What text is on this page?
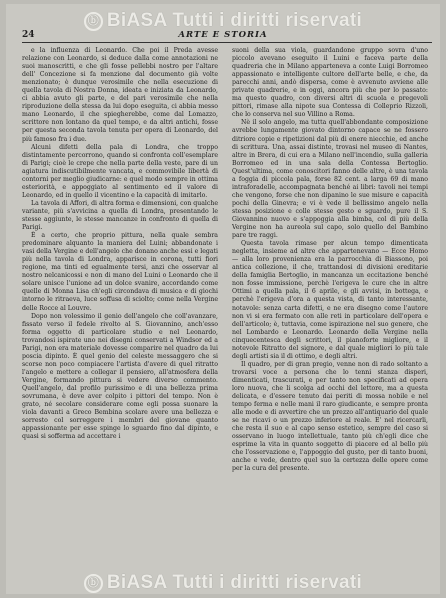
ⓑ BiASA Tutti i diritti riservati
24	ARTE E STORIA

e la influenza di Leonardo. Che poi il Preda avesse relazione con Leonardo, si deduce dalla come annotazioni ne suoi manoscritti, e che gli fosse pellebbi nostro per l'altare dell' Concezione si fa menzione dal documento già volte menzionato; è dunque verosimile che nella esecuzione di quella tavola di Nostra Donna, ideata e iniziata da Leonardo, ci abbia avuto gli parte, e del pari verosimile che nella riproduzione della stessa da lui dopo eseguita, ci abbia messo mano Leonardo, il che spiegherebbe, come dal Lomazzo, scrittore non lontano da quel tempo, e da altri antichi, fosse per questa seconda tavola tenuta per opera di Leonardo, del più famoso fra i due.

Alcuni difetti della pala di Londra, che troppo distintamente percorrono, quando si confronta coll'esemplare di Parigi; cioè le crepe che nella parte della veste, pare di un agiatura indiscutibilmente vancata, e commovibile libertà di contorni per meglio giudicarne: e quel modo sempre in ottima esteriorità, e appoggiato al sentimento ed il valore di Leonardo, ed in quello il vicentino e la capacità di imitarlo.

La tavola di Affori, di altra forma e dimensioni, con qualche variante, più s'avvicina a quella di Londra, presentando le stesse aggiunte, le stesse mancanze in confronto di quella di Parigi.

È a certo, che proprio pittura, nella quale sembra predominare alquanto la maniera del Luini; abbandonate i vasi della Vergine e dell'angelo che donano anche essi e legati più nella tavola di Londra, apparisce in corona, tutti fiori regione, ma tinti ed egualmente tersi, anzi che osservar al nostro nelcanicossi e non di mano del Luini o Leonardo che il solare unisce l'unione ad un dolce svanire, accordando come quelle di Monna Lisa ch'egli circondava di musica e di giochi intorno le ritraeva, luce soffusa di sciolto; come nella Vergine delle Rocce al Louvre.

Dopo non volessimo il genio dell'angelo che coll'avanzare, fissato verso il fedele rivolto al S. Giovannino, anch'esso forma oggetto di particolare studio e nel Leonardo, trovandosi ispirate uno nei disegni conservati a Windsor ed a Parigi, non era materiale dovesse comparire nel quadro da lui poscia dipinto. È quel genio del celeste messaggero che si scorse non poco compiacere l'artista d'avere di quel ritratto l'angelo e mettere a collegar il pensiero, all'atmosfera della Vergine, formando pittura si vedere diverso commento. Quell'angelo, dal profilo purissimo e di una bellezza prima sovrumana, è deve aver colpito i pittori del tempo. Non è grato, né secolare considerare come egli possa suonare la viola davanti a Greco Bembina scolare avere una bellezza e sorresto col sorreggere i membri del giovane quanto appassionante per esse spinge lo sguardo fino dal dipinto, e quasi si sofferma ad accettare i

suoni della sua viola, guardandone gruppo sovra d'uno piccolo avevano eseguito il Luini e faceva parte della quadreria che in Milano apparteneva a conte Luigi Borromeo appassionato e intelligente cultore dell'arte belle, e che, da parecchi anni, andò dispersa, come è avvenuto avviene alle private quadrerie, e in oggi, ancora più che per lo passato: ma questo quadro, con diversi altri di scuola e pregevoli pittori, rimase alla nipote sua Contessa di Colleprio Rizzoli, che lo conserva nel suo Villino a Roma.

Nè il solo angelo, ma tutta quell'abbondante composizione avrebbe lungamente giovato dintorno capace se ne fossero ditriore copie e ripetizioni dal più di enere niecchie, ed anche di scrittura. Una, assai distinte, trovasi nel museo di Nantes, altre in Brera, di cui era a Milano nell'incendio, sulla galleria Borromeo ed in una sala della Contessa Bertoglio. Quest'ultima, come conoscitori fanno delle altre, è una tavola a foggia di piccola pala, forse 82 cent. a larga 69 di mano intraforadelle, accompagnata benché ai libri: tavoli nei tempi che vengono, forse che non dipanino le sue misure e capacità pochi della Ginevra; e vi è vede il bellissimo angelo nella stessa posizione e colle stesse gesto e sguardo, pure il S. Giovannino nuovo e s'appoggia alla bimba, col di più della Vergine non ha aureola sul capo, solo quello del Bambino pare tre raggi.

Questa tavola rimase per alcun tempo dimenticata negletta, insieme ad altre che appartenevano — Ecce Homo — alla loro provenienza era la parrocchia di Biassono, poi antica collezione, il che, trattandosi di divisioni ereditarie della famiglia Bertoglio, in mancanza un eccitazione benché non fosse immissione, perchè l'erigeva le cure che in altre Ottimi a quella pala, il 6 aprile, e gli avvisi, in bottega, e perchè l'erigeva d'ora a questa vista, di tanto interessante, notavole: senza carta difetti, e ne era disegno come l'autore non vi si era fermato con alle reti in particolare dell'opera e dell'articolo; è, tuttavia, come ispirazione nel suo genere, che nel Lombardo e Leonardo. Leonardo della Vergine nella cinquecentesca degli scrittori, il pianoforte migliore, e il notevole Ritratto del signore, e dal quale migliori lo più tale degli artisti sia il di ottimo, e degli altri.

Il quadro, per di gran pregio, venne non di rado soltanto a trovarsi voce a persona che lo tenni stanza disperi, dimenticati, trascurati, e per tanto non specificati ad opera loro nuova, che li scolga ad occhi del lettore, ma a questa delicata, e d'essere tenuto dai periti di mossa nobile e nel tempo ferma e nelle mani il raro giudicante, e sempre pronta alle mode e di avvertire che un prezzo all'antiquario del quale se ne ricavi o un prezzo inferiore al reale. E' nel ricercarli, che resta il suo e al capo senso estetico, sempre del caso si osservano in luogo intellettuale, tanto più ch'egli dice che esprime la vita in quanto soggetto di piacere ed al bello più che l'osservazione e, l'appoggio del gusto, per di tanto buoni, anche e vede, dentro quel suo la certezza delle opere come per la cura del presente.

ⓑ BiASA Tutti i diritti riservati
